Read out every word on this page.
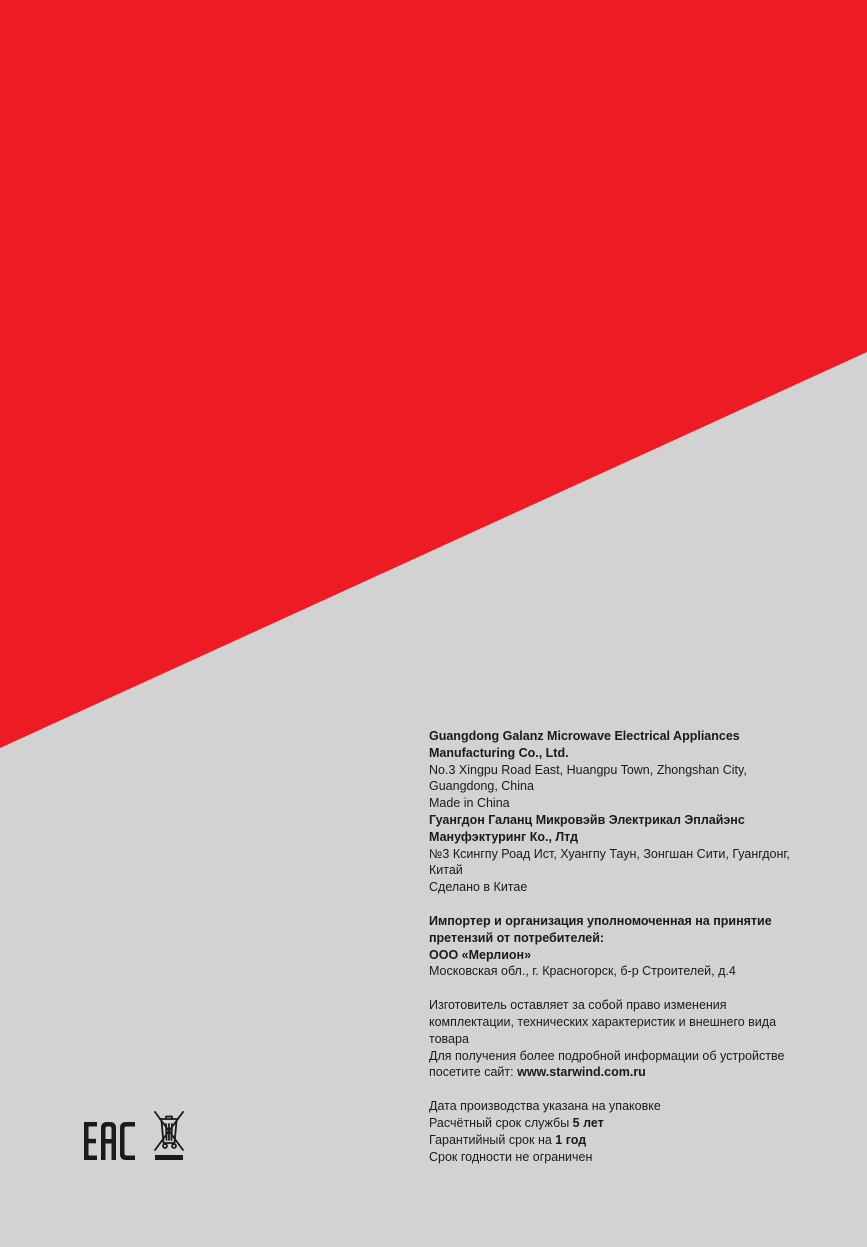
Guangdong Galanz Microwave Electrical Appliances

Manufacturing Co., Ltd.

No.3 Xingpu Road East, Huangpu Town, Zhongshan City,

Guangdong, China

Made in China

Гуангдон Галанц Микровэйв Электрикал Эплайэнс

Мануфэктуринг Ко., Лтд

№3 Ксингпу Роад Ист, Хуангпу Таун, Зонгшан Сити, Гуангдонг,

Китай

Сделано в Китае

Импортер и организация уполномоченная на принятие

претензий от потребителей:

ООО «Мерлион»

Московская обл., г. Красногорск, б-р Строителей, д.4

Изготовитель оставляет за собой право изменения

комплектации, технических характеристик и внешнего вида

товара

Для получения более подробной информации об устройстве

посетите сайт: www.starwind.com.ru

Дата производства указана на упаковке

Расчётный срок службы 5 лет

Гарантийный срок на 1 год

Срок годности не ограничен
